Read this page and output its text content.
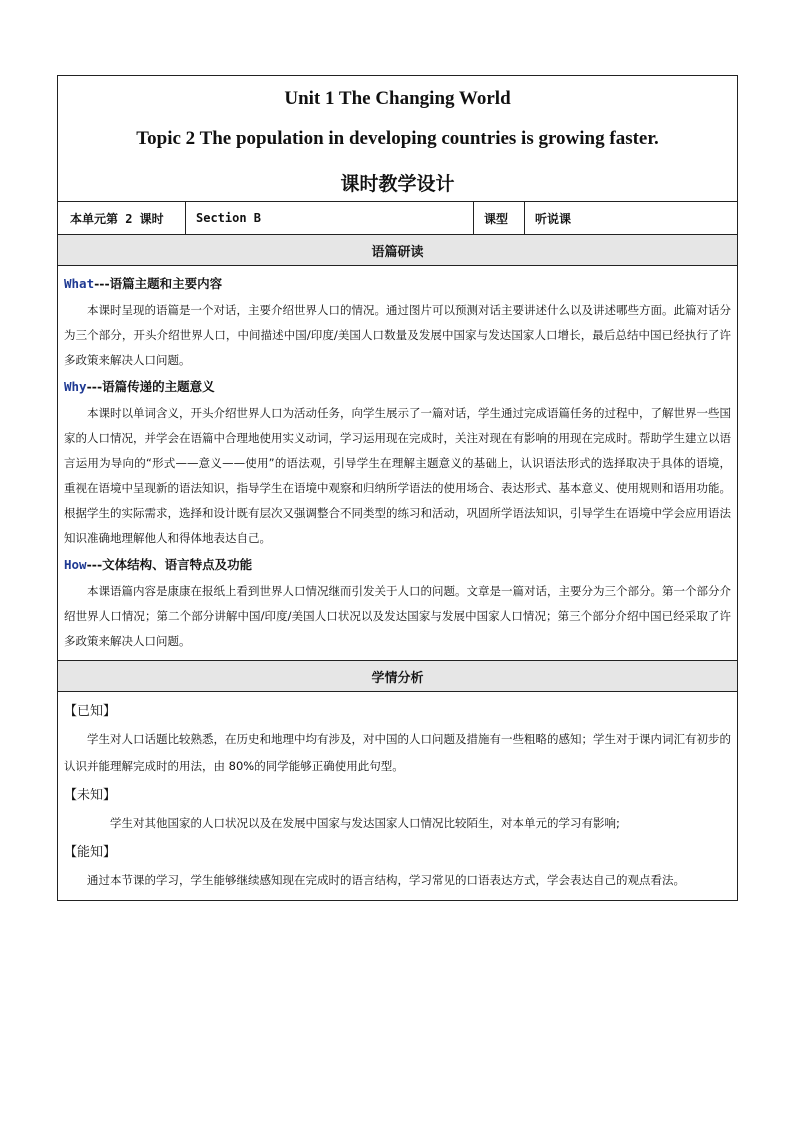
Unit 1 The Changing World
Topic 2 The population in developing countries is growing faster.
课时教学设计
本单元第 2 课时	Section B	课型	听说课
语篇研读
What---语篇主题和主要内容

本课时呈现的语篇是一个对话，主要介绍世界人口的情况。通过图片可以预测对话主要讲述什么以及讲述哪些方面。此篇对话分为三个部分，开头介绍世界人口，中间描述中国/印度/美国人口数量及发展中国家与发达国家人口增长，最后总结中国已经执行了许多政策来解决人口问题。

Why---语篇传递的主题意义

本课时以单词含义，开头介绍世界人口为活动任务，向学生展示了一篇对话，学生通过完成语篇任务的过程中，了解世界一些国家的人口情况，并学会在语篇中合理地使用实义动词，学习运用现在完成时，关注对现在有影响的用现在完成时。帮助学生建立以语言运用为导向的“形式——意义——使用”的语法观，引导学生在理解主题意义的基础上，认识语法形式的选择取决于具体的语境，重视在语境中呈现新的语法知识，指导学生在语境中观察和归纳所学语法的使用场合、表达形式、基本意义、使用规则和语用功能。根据学生的实际需求，选择和设计既有层次又强调整合不同类型的练习和活动，巩固所学语法知识，引导学生在语境中学会应用语法知识准确地理解他人和得体地表达自己。

How---文体结构、语言特点及功能

本课语篇内容是康康在报纸上看到世界人口情况继而引发关于人口的问题。文章是一篇对话，主要分为三个部分。第一个部分介绍世界人口情况；第二个部分讲解中国/印度/美国人口状况以及发达国家与发展中国家人口情况；第三个部分介绍中国已经采取了许多政策来解决人口问题。

学情分析
【已知】

学生对人口话题比较熟悉，在历史和地理中均有涉及，对中国的人口问题及措施有一些粗略的感知；学生对于课内词汇有初步的认识并能理解完成时的用法，由 80%的同学能够正确使用此句型。

【未知】

学生对其他国家的人口状况以及在发展中国家与发达国家人口情况比较陌生，对本单元的学习有影响;

【能知】

通过本节课的学习，学生能够继续感知现在完成时的语言结构，学习常见的口语表达方式，学会表达自己的观点看法。
